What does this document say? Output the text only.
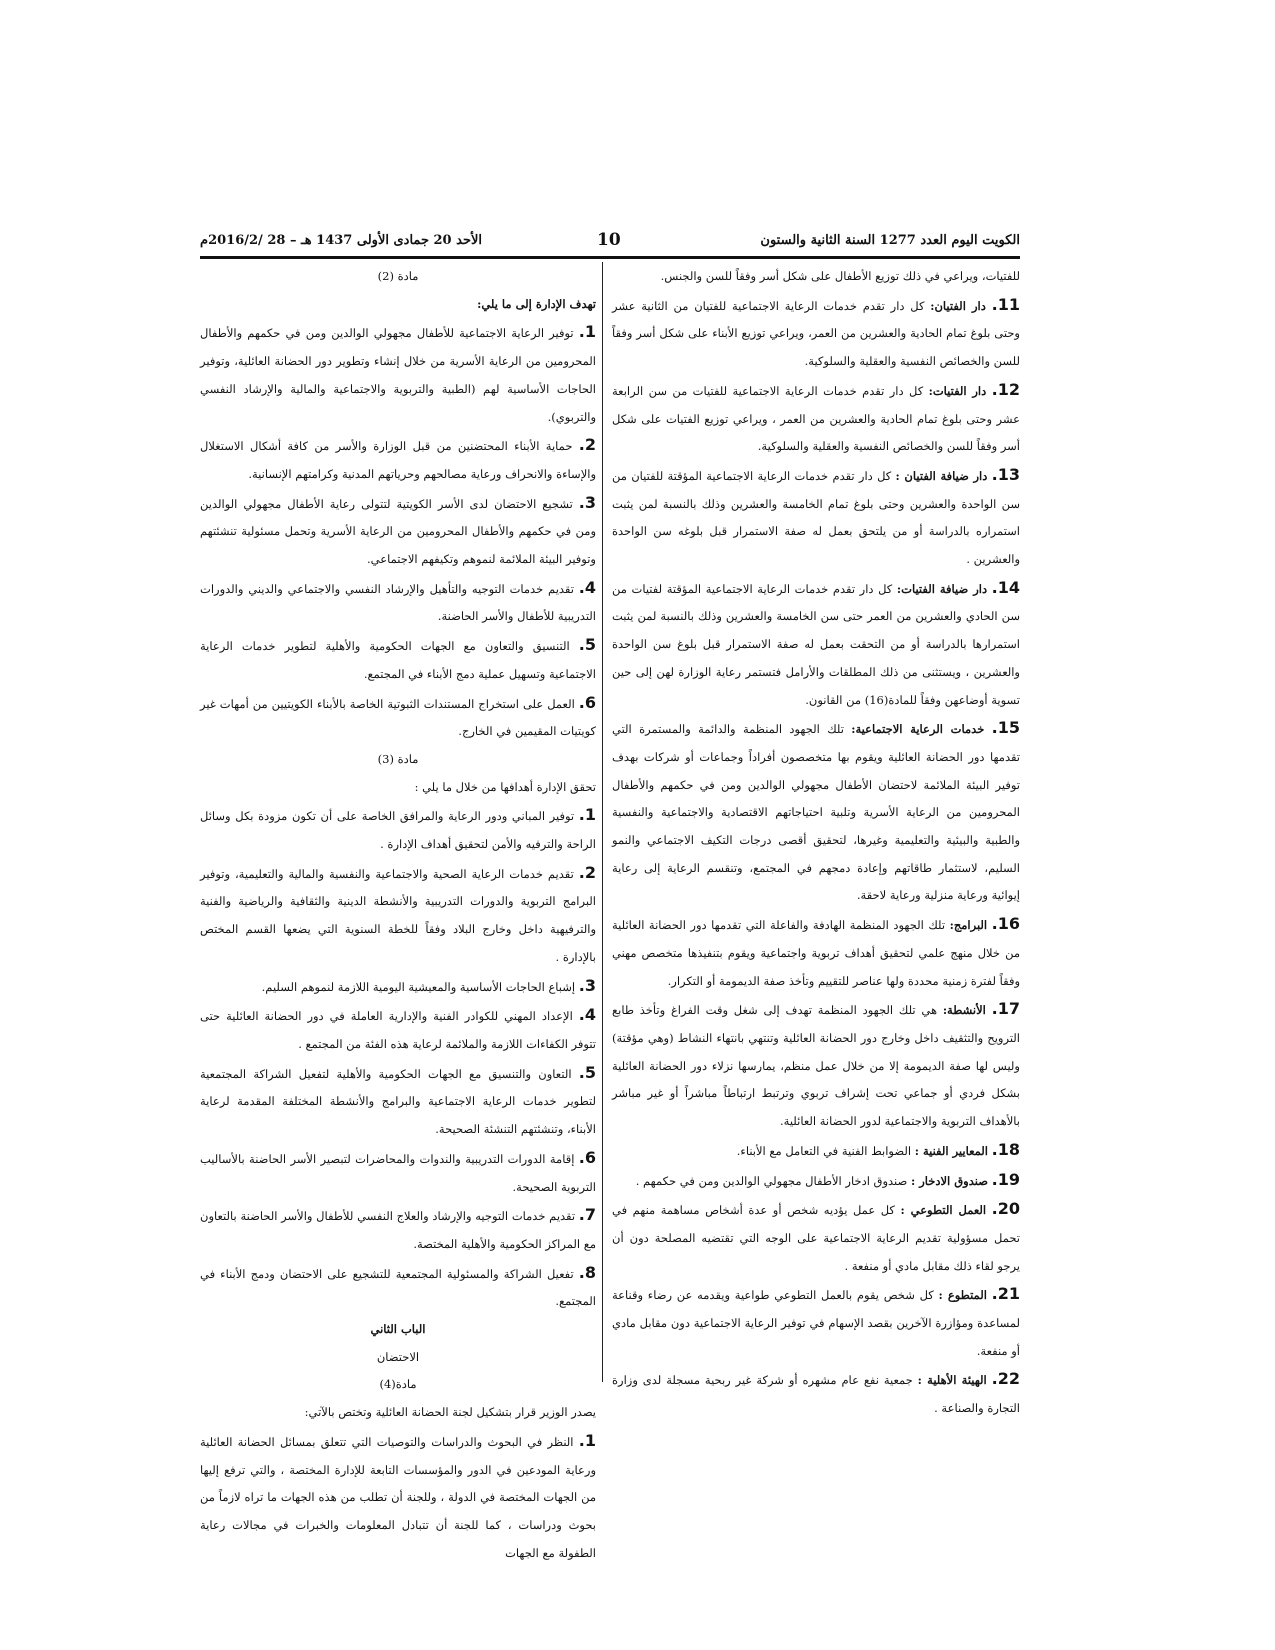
الكويت اليوم العدد 1277 السنة الثانية والستون
10
الأحد 20 جمادى الأولى 1437 هـ – 28 /2016/2م

للفتيات، ويراعي في ذلك توزيع الأطفال على شكل أسر وفقاً للسن والجنس.

11. دار الفتيان: كل دار تقدم خدمات الرعاية الاجتماعية للفتيان من الثانية عشر وحتى بلوغ تمام الحادية والعشرين من العمر، ويراعي توزيع الأبناء على شكل أسر وفقاً للسن والخصائص النفسية والعقلية والسلوكية.

12. دار الفتيات: كل دار تقدم خدمات الرعاية الاجتماعية للفتيات من سن الرابعة عشر وحتى بلوغ تمام الحادية والعشرين من العمر ، ويراعي توزيع الفتيات على شكل أسر وفقاً للسن والخصائص النفسية والعقلية والسلوكية.

13. دار ضيافة الفتيان : كل دار تقدم خدمات الرعاية الاجتماعية المؤقتة للفتيان من سن الواحدة والعشرين وحتى بلوغ تمام الخامسة والعشرين وذلك بالنسبة لمن يثبت استمراره بالدراسة أو من يلتحق بعمل له صفة الاستمرار قبل بلوغه سن الواحدة والعشرين .

14. دار ضيافة الفتيات: كل دار تقدم خدمات الرعاية الاجتماعية المؤقتة لفتيات من سن الحادي والعشرين من العمر حتى سن الخامسة والعشرين وذلك بالنسبة لمن يثبت استمرارها بالدراسة أو من التحقت بعمل له صفة الاستمرار قبل بلوغ سن الواحدة والعشرين ، ويستثنى من ذلك المطلقات والأرامل فتستمر رعاية الوزارة لهن إلى حين تسوية أوضاعهن وفقاً للمادة(16) من القانون.

15. خدمات الرعاية الاجتماعية: تلك الجهود المنظمة والدائمة والمستمرة التي تقدمها دور الحضانة العائلية ويقوم بها متخصصون أفراداً وجماعات أو شركات بهدف توفير البيئة الملائمة لاحتضان الأطفال مجهولي الوالدين ومن في حكمهم والأطفال المحرومين من الرعاية الأسرية وتلبية احتياجاتهم الاقتصادية والاجتماعية والنفسية والطبية والبيئية والتعليمية وغيرها، لتحقيق أقصى درجات التكيف الاجتماعي والنمو السليم، لاستثمار طاقاتهم وإعادة دمجهم في المجتمع، وتنقسم الرعاية إلى رعاية إيوائية ورعاية منزلية ورعاية لاحقة.

16. البرامج: تلك الجهود المنظمة الهادفة والفاعلة التي تقدمها دور الحضانة العائلية من خلال منهج علمي لتحقيق أهداف تربوية واجتماعية ويقوم بتنفيذها متخصص مهني وفقاً لفترة زمنية محددة ولها عناصر للتقييم وتأخذ صفة الديمومة أو التكرار.

17. الأنشطة: هي تلك الجهود المنظمة تهدف إلى شغل وقت الفراغ وتأخذ طابع الترويح والتثقيف داخل وخارج دور الحضانة العائلية وتنتهي بانتهاء النشاط (وهي مؤقتة) وليس لها صفة الديمومة إلا من خلال عمل منظم، يمارسها نزلاء دور الحضانة العائلية بشكل فردي أو جماعي تحت إشراف تربوي وترتبط ارتباطاً مباشراً أو غير مباشر بالأهداف التربوية والاجتماعية لدور الحضانة العائلية.

18. المعايير الفنية : الضوابط الفنية في التعامل مع الأبناء.

19. صندوق الادخار : صندوق ادخار الأطفال مجهولي الوالدين ومن في حكمهم .

20. العمل التطوعي : كل عمل يؤديه شخص أو عدة أشخاص مساهمة منهم في تحمل مسؤولية تقديم الرعاية الاجتماعية على الوجه التي تقتضيه المصلحة دون أن يرجو لقاء ذلك مقابل مادي أو منفعة .

21. المتطوع : كل شخص يقوم بالعمل التطوعي طواعية ويقدمه عن رضاء وقناعة لمساعدة ومؤازرة الآخرين بقصد الإسهام في توفير الرعاية الاجتماعية دون مقابل مادي أو منفعة.

22. الهيئة الأهلية : جمعية نفع عام مشهره أو شركة غير ربحية مسجلة لدى وزارة التجارة والصناعة .

مادة (2)

تهدف الإدارة إلى ما يلي:

1. توفير الرعاية الاجتماعية للأطفال مجهولي الوالدين ومن في حكمهم والأطفال المحرومين من الرعاية الأسرية من خلال إنشاء وتطوير دور الحضانة العائلية، وتوفير الحاجات الأساسية لهم (الطبية والتربوية والاجتماعية والمالية والإرشاد النفسي والتربوي).

2. حماية الأبناء المحتضنين من قبل الوزارة والأسر من كافة أشكال الاستغلال والإساءة والانحراف ورعاية مصالحهم وحرياتهم المدنية وكرامتهم الإنسانية.

3. تشجيع الاحتضان لدى الأسر الكويتية لتتولى رعاية الأطفال مجهولي الوالدين ومن في حكمهم والأطفال المحرومين من الرعاية الأسرية وتحمل مسئولية تنشئتهم وتوفير البيئة الملائمة لنموهم وتكيفهم الاجتماعي.

4. تقديم خدمات التوجيه والتأهيل والإرشاد النفسي والاجتماعي والديني والدورات التدريبية للأطفال والأسر الحاضنة.

5. التنسيق والتعاون مع الجهات الحكومية والأهلية لتطوير خدمات الرعاية الاجتماعية وتسهيل عملية دمج الأبناء في المجتمع.

6. العمل على استخراج المستندات الثبوتية الخاصة بالأبناء الكويتيين من أمهات غير كويتيات المقيمين في الخارج.

مادة (3)

تحقق الإدارة أهدافها من خلال ما يلي :

1. توفير المباني ودور الرعاية والمرافق الخاصة على أن تكون مزودة بكل وسائل الراحة والترفيه والأمن لتحقيق أهداف الإدارة .

2. تقديم خدمات الرعاية الصحية والاجتماعية والنفسية والمالية والتعليمية، وتوفير البرامج التربوية والدورات التدريبية والأنشطة الدينية والثقافية والرياضية والفنية والترفيهية داخل وخارج البلاد وفقاً للخطة السنوية التي يضعها القسم المختص بالإدارة .

3. إشباع الحاجات الأساسية والمعيشية اليومية اللازمة لنموهم السليم.

4. الإعداد المهني للكوادر الفنية والإدارية العاملة في دور الحضانة العائلية حتى تتوفر الكفاءات اللازمة والملائمة لرعاية هذه الفئة من المجتمع .

5. التعاون والتنسيق مع الجهات الحكومية والأهلية لتفعيل الشراكة المجتمعية لتطوير خدمات الرعاية الاجتماعية والبرامج والأنشطة المختلفة المقدمة لرعاية الأبناء، وتنشئتهم التنشئة الصحيحة.

6. إقامة الدورات التدريبية والندوات والمحاضرات لتبصير الأسر الحاضنة بالأساليب التربوية الصحيحة.

7. تقديم خدمات التوجيه والإرشاد والعلاج النفسي للأطفال والأسر الحاضنة بالتعاون مع المراكز الحكومية والأهلية المختصة.

8. تفعيل الشراكة والمسئولية المجتمعية للتشجيع على الاحتضان ودمج الأبناء في المجتمع.

الباب الثاني

الاحتضان

مادة(4)

يصدر الوزير قرار بتشكيل لجنة الحضانة العائلية وتختص بالآتي:

1. النظر في البحوث والدراسات والتوصيات التي تتعلق بمسائل الحضانة العائلية ورعاية المودعين في الدور والمؤسسات التابعة للإدارة المختصة ، والتي ترفع إليها من الجهات المختصة في الدولة ، وللجنة أن تطلب من هذه الجهات ما تراه لازماً من بحوث ودراسات ، كما للجنة أن تتبادل المعلومات والخبرات في مجالات رعاية الطفولة مع الجهات
